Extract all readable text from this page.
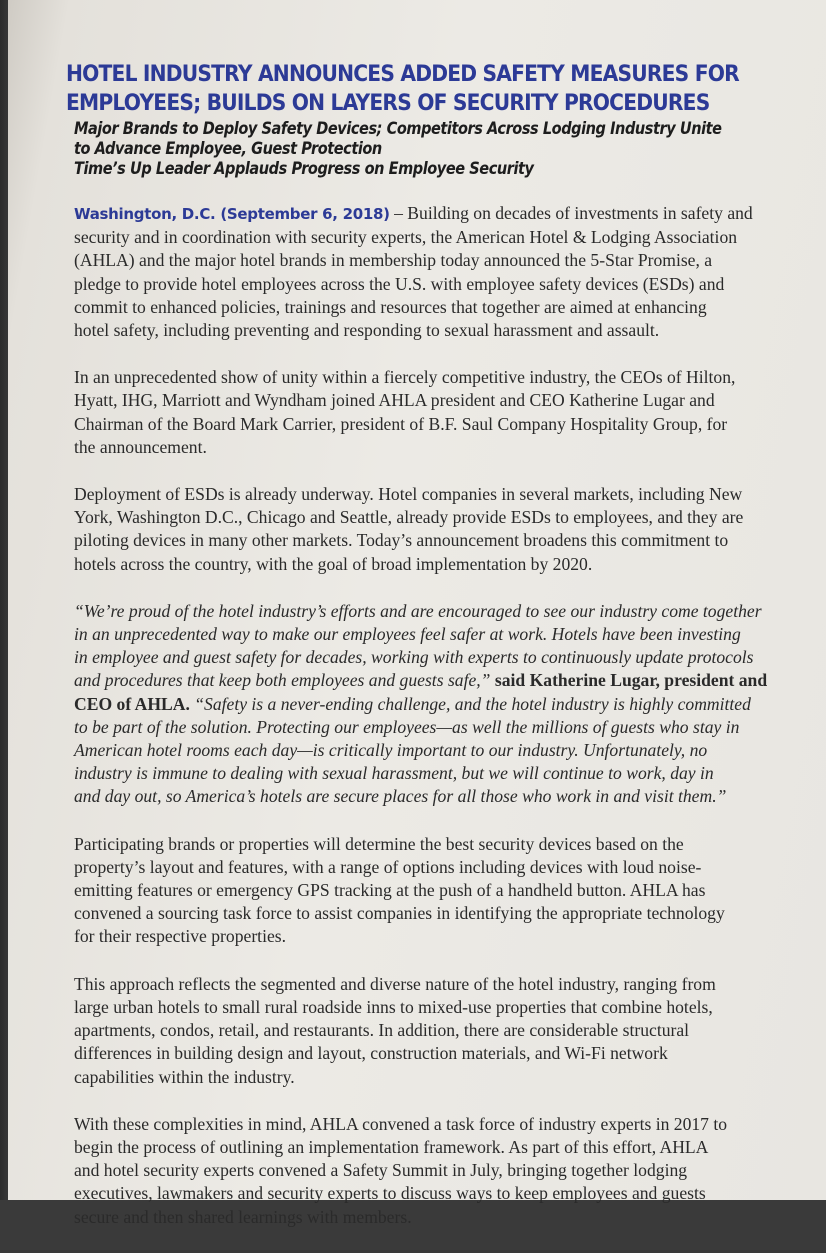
HOTEL INDUSTRY ANNOUNCES ADDED SAFETY MEASURES FOR
EMPLOYEES; BUILDS ON LAYERS OF SECURITY PROCEDURES
Major Brands to Deploy Safety Devices; Competitors Across Lodging Industry Unite
to Advance Employee, Guest Protection
Time’s Up Leader Applauds Progress on Employee Security

Washington, D.C. (September 6, 2018) – Building on decades of investments in safety and
security and in coordination with security experts, the American Hotel & Lodging Association
(AHLA) and the major hotel brands in membership today announced the 5-Star Promise, a
pledge to provide hotel employees across the U.S. with employee safety devices (ESDs) and
commit to enhanced policies, trainings and resources that together are aimed at enhancing
hotel safety, including preventing and responding to sexual harassment and assault.

In an unprecedented show of unity within a fiercely competitive industry, the CEOs of Hilton,
Hyatt, IHG, Marriott and Wyndham joined AHLA president and CEO Katherine Lugar and
Chairman of the Board Mark Carrier, president of B.F. Saul Company Hospitality Group, for
the announcement.

Deployment of ESDs is already underway. Hotel companies in several markets, including New
York, Washington D.C., Chicago and Seattle, already provide ESDs to employees, and they are
piloting devices in many other markets. Today’s announcement broadens this commitment to
hotels across the country, with the goal of broad implementation by 2020.

“We’re proud of the hotel industry’s efforts and are encouraged to see our industry come together
in an unprecedented way to make our employees feel safer at work. Hotels have been investing
in employee and guest safety for decades, working with experts to continuously update protocols
and procedures that keep both employees and guests safe,” said Katherine Lugar, president and
CEO of AHLA. “Safety is a never-ending challenge, and the hotel industry is highly committed
to be part of the solution. Protecting our employees—as well the millions of guests who stay in
American hotel rooms each day—is critically important to our industry. Unfortunately, no
industry is immune to dealing with sexual harassment, but we will continue to work, day in
and day out, so America’s hotels are secure places for all those who work in and visit them.”

Participating brands or properties will determine the best security devices based on the
property’s layout and features, with a range of options including devices with loud noise-
emitting features or emergency GPS tracking at the push of a handheld button. AHLA has
convened a sourcing task force to assist companies in identifying the appropriate technology
for their respective properties.

This approach reflects the segmented and diverse nature of the hotel industry, ranging from
large urban hotels to small rural roadside inns to mixed-use properties that combine hotels,
apartments, condos, retail, and restaurants. In addition, there are considerable structural
differences in building design and layout, construction materials, and Wi-Fi network
capabilities within the industry.

With these complexities in mind, AHLA convened a task force of industry experts in 2017 to
begin the process of outlining an implementation framework. As part of this effort, AHLA
and hotel security experts convened a Safety Summit in July, bringing together lodging
executives, lawmakers and security experts to discuss ways to keep employees and guests
secure and then shared learnings with members.
